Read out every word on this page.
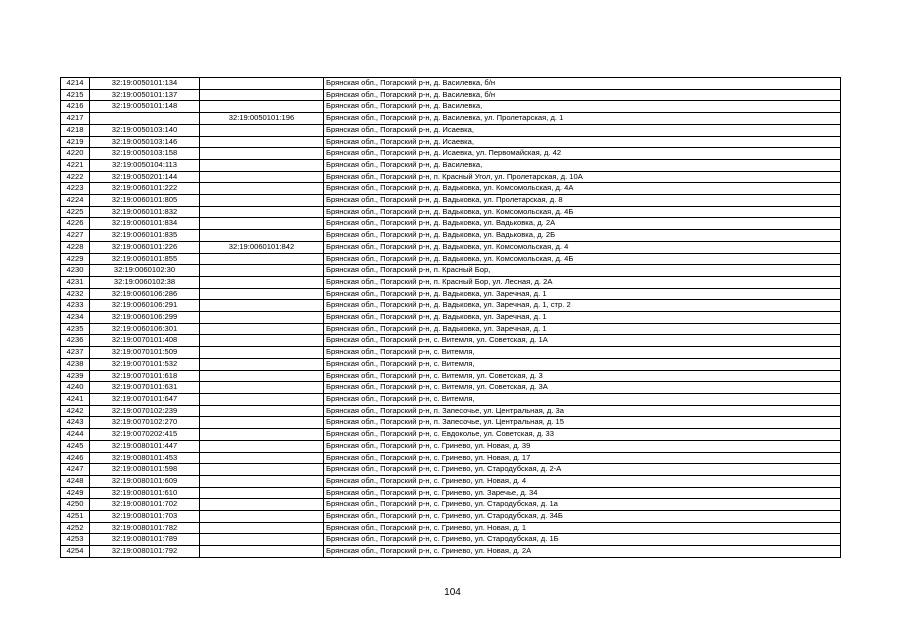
4214	32:19:0050101:134		Брянская обл., Погарский р-н, д. Василевка, б/н
4215	32:19:0050101:137		Брянская обл., Погарский р-н, д. Василевка, б/н
4216	32:19:0050101:148		Брянская обл., Погарский р-н, д. Василевка,
4217		32:19:0050101:196	Брянская обл., Погарский р-н, д. Василевка, ул. Пролетарская, д. 1
4218	32:19:0050103:140		Брянская обл., Погарский р-н, д. Исаевка,
4219	32:19:0050103:146		Брянская обл., Погарский р-н, д. Исаевка,
4220	32:19:0050103:158		Брянская обл., Погарский р-н, д. Исаевка, ул. Первомайская, д. 42
4221	32:19:0050104:113		Брянская обл., Погарский р-н, д. Василевка,
4222	32:19:0050201:144		Брянская обл., Погарский р-н, п. Красный Угол, ул. Пролетарская, д. 10А
4223	32:19:0060101:222		Брянская обл., Погарский р-н, д. Вадьковка, ул. Комсомольская, д. 4А
4224	32:19:0060101:805		Брянская обл., Погарский р-н, д. Вадьковка, ул. Пролетарская, д. 8
4225	32:19:0060101:832		Брянская обл., Погарский р-н, д. Вадьковка, ул. Комсомольская, д. 4Б
4226	32:19:0060101:834		Брянская обл., Погарский р-н, д. Вадьковка, ул. Вадьковка, д. 2А
4227	32:19:0060101:835		Брянская обл., Погарский р-н, д. Вадьковка, ул. Вадьковка, д. 2Б
4228	32:19:0060101:226	32:19:0060101:842	Брянская обл., Погарский р-н, д. Вадьковка, ул. Комсомольская, д. 4
4229	32:19:0060101:855		Брянская обл., Погарский р-н, д. Вадьковка, ул. Комсомольская, д. 4Б
4230	32:19:0060102:30		Брянская обл., Погарский р-н, п. Красный Бор,
4231	32:19:0060102:38		Брянская обл., Погарский р-н, п. Красный Бор, ул. Лесная, д. 2А
4232	32:19:0060106:286		Брянская обл., Погарский р-н, д. Вадьковка, ул. Заречная, д. 1
4233	32:19:0060106:291		Брянская обл., Погарский р-н, д. Вадьковка, ул. Заречная, д. 1, стр. 2
4234	32:19:0060106:299		Брянская обл., Погарский р-н, д. Вадьковка, ул. Заречная, д. 1
4235	32:19:0060106:301		Брянская обл., Погарский р-н, д. Вадьковка, ул. Заречная, д. 1
4236	32:19:0070101:408		Брянская обл., Погарский р-н, с. Витемля, ул. Советская, д. 1А
4237	32:19:0070101:509		Брянская обл., Погарский р-н, с. Витемля,
4238	32:19:0070101:532		Брянская обл., Погарский р-н, с. Витемля,
4239	32:19:0070101:618		Брянская обл., Погарский р-н, с. Витемля, ул. Советская, д. 3
4240	32:19:0070101:631		Брянская обл., Погарский р-н, с. Витемля, ул. Советская, д. 3А
4241	32:19:0070101:647		Брянская обл., Погарский р-н, с. Витемля,
4242	32:19:0070102:239		Брянская обл., Погарский р-н, п. Запесочье, ул. Центральная, д. 3а
4243	32:19:0070102:270		Брянская обл., Погарский р-н, п. Запесочье, ул. Центральная, д. 15
4244	32:19:0070202:415		Брянская обл., Погарский р-н, с. Евдоколье, ул. Советская, д. 33
4245	32:19:0080101:447		Брянская обл., Погарский р-н, с. Гринево, ул. Новая, д. 39
4246	32:19:0080101:453		Брянская обл., Погарский р-н, с. Гринево, ул. Новая, д. 17
4247	32:19:0080101:598		Брянская обл., Погарский р-н, с. Гринево, ул. Стародубская, д. 2-А
4248	32:19:0080101:609		Брянская обл., Погарский р-н, с. Гринево, ул. Новая, д. 4
4249	32:19:0080101:610		Брянская обл., Погарский р-н, с. Гринево, ул. Заречье, д. 34
4250	32:19:0080101:702		Брянская обл., Погарский р-н, с. Гринево, ул. Стародубская, д. 1а
4251	32:19:0080101:703		Брянская обл., Погарский р-н, с. Гринево, ул. Стародубская, д. 34Б
4252	32:19:0080101:782		Брянская обл., Погарский р-н, с. Гринево, ул. Новая, д. 1
4253	32:19:0080101:789		Брянская обл., Погарский р-н, с. Гринево, ул. Стародубская, д. 1Б
4254	32:19:0080101:792		Брянская обл., Погарский р-н, с. Гринево, ул. Новая, д. 2А
104
